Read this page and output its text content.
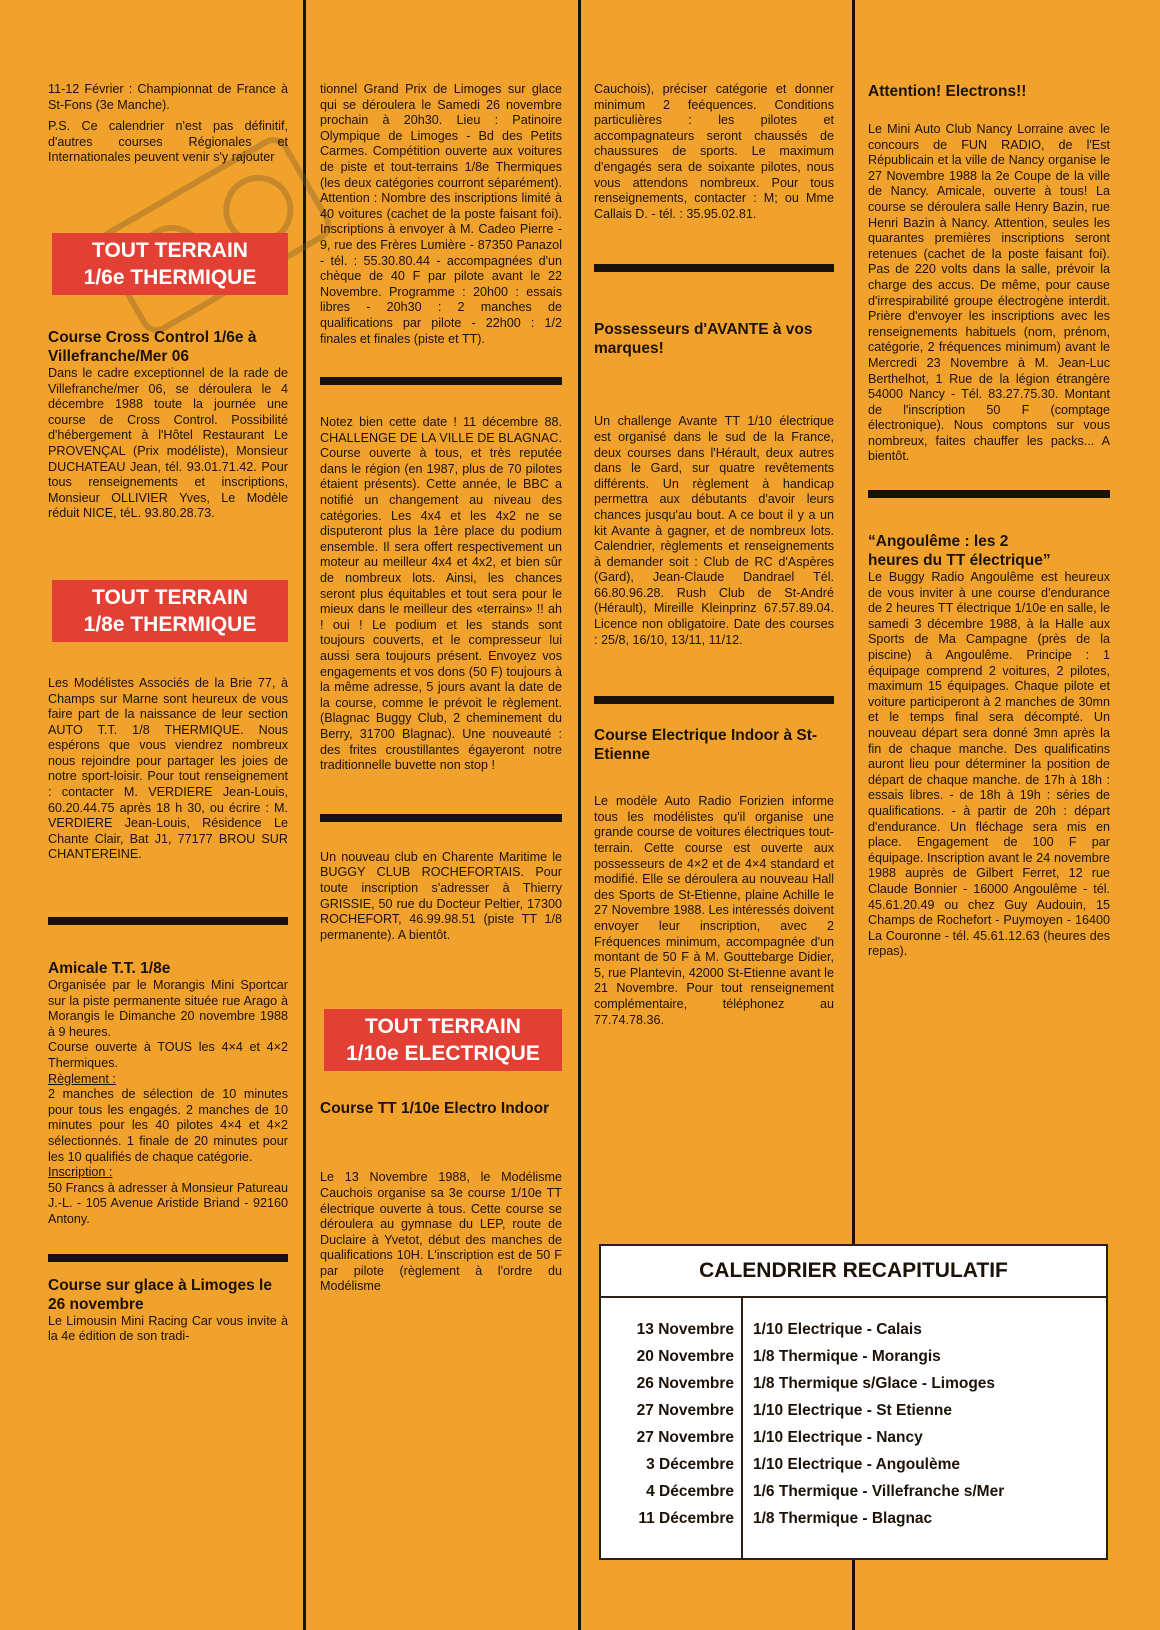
11-12 Février : Championnat de France à St-Fons (3e Manche).

P.S. Ce calendrier n'est pas définitif, d'autres courses Régionales et Internationales peuvent venir s'y rajouter

TOUT TERRAIN
1/6e THERMIQUE

Course Cross Control 1/6e à Villefranche/Mer 06

Dans le cadre exceptionnel de la rade de Villefranche/mer 06, se déroulera le 4 décembre 1988 toute la journée une course de Cross Control. Possibilité d'hébergement à l'Hôtel Restaurant Le PROVENÇAL (Prix modéliste), Monsieur DUCHATEAU Jean, tél. 93.01.71.42. Pour tous renseignements et inscriptions, Monsieur OLLIVIER Yves, Le Modèle réduit NICE, téL. 93.80.28.73.

TOUT TERRAIN
1/8e THERMIQUE

Les Modélistes Associés de la Brie 77, à Champs sur Marne sont heureux de vous faire part de la naissance de leur section AUTO T.T. 1/8 THERMIQUE. Nous espérons que vous viendrez nombreux nous rejoindre pour partager les joies de notre sport-loisir. Pour tout renseignement : contacter M. VERDIERE Jean-Louis, 60.20.44.75 après 18 h 30, ou écrire : M. VERDIERE Jean-Louis, Résidence Le Chante Clair, Bat J1, 77177 BROU SUR CHANTEREINE.

Amicale T.T. 1/8e

Organisée par le Morangis Mini Sportcar sur la piste permanente située rue Arago à Morangis le Dimanche 20 novembre 1988 à 9 heures.

Course ouverte à TOUS les 4×4 et 4×2 Thermiques.

Règlement :

2 manches de sélection de 10 minutes pour tous les engagés. 2 manches de 10 minutes pour les 40 pilotes 4×4 et 4×2 sélectionnés. 1 finale de 20 minutes pour les 10 qualifiés de chaque catégorie.

Inscription :

50 Francs à adresser à Monsieur Patureau J.-L. - 105 Avenue Aristide Briand - 92160 Antony.

Course sur glace à Limoges le 26 novembre

Le Limousin Mini Racing Car vous invite à la 4e édition de son tradi-

tionnel Grand Prix de Limoges sur glace qui se déroulera le Samedi 26 novembre prochain à 20h30. Lieu : Patinoire Olympique de Limoges - Bd des Petits Carmes. Compétition ouverte aux voitures de piste et tout-terrains 1/8e Thermiques (les deux catégories courront séparément). Attention : Nombre des inscriptions limité à 40 voitures (cachet de la poste faisant foi). Inscriptions à envoyer à M. Cadeo Pierre - 9, rue des Frères Lumière - 87350 Panazol - tél. : 55.30.80.44 - accompagnées d'un chèque de 40 F par pilote avant le 22 Novembre. Programme : 20h00 : essais libres - 20h30 : 2 manches de qualifications par pilote - 22h00 : 1/2 finales et finales (piste et TT).

Notez bien cette date ! 11 décembre 88. CHALLENGE DE LA VILLE DE BLAGNAC. Course ouverte à tous, et très reputée dans le région (en 1987, plus de 70 pilotes étaient présents). Cette année, le BBC a notifié un changement au niveau des catégories. Les 4x4 et les 4x2 ne se disputeront plus la 1ère place du podium ensemble. Il sera offert respectivement un moteur au meilleur 4x4 et 4x2, et bien sûr de nombreux lots. Ainsi, les chances seront plus équitables et tout sera pour le mieux dans le meilleur des «terrains» !! ah ! oui ! Le podium et les stands sont toujours couverts, et le compresseur lui aussi sera toujours présent. Envoyez vos engagements et vos dons (50 F) toujours à la même adresse, 5 jours avant la date de la course, comme le prévoit le règlement. (Blagnac Buggy Club, 2 cheminement du Berry, 31700 Blagnac). Une nouveauté : des frites croustillantes égayeront notre traditionnelle buvette non stop !

Un nouveau club en Charente Maritime le BUGGY CLUB ROCHEFORTAIS. Pour toute inscription s'adresser à Thierry GRISSIE, 50 rue du Docteur Peltier, 17300 ROCHEFORT, 46.99.98.51 (piste TT 1/8 permanente). A bientôt.

TOUT TERRAIN
1/10e ELECTRIQUE

Course TT 1/10e Electro Indoor

Le 13 Novembre 1988, le Modélisme Cauchois organise sa 3e course 1/10e TT électrique ouverte à tous. Cette course se déroulera au gymnase du LEP, route de Duclaire à Yvetot, début des manches de qualifications 10H. L'inscription est de 50 F par pilote (règlement à l'ordre du Modélisme

Cauchois), préciser catégorie et donner minimum 2 feéquences. Conditions particulières : les pilotes et accompagnateurs seront chaussés de chaussures de sports. Le maximum d'engagés sera de soixante pilotes, nous vous attendons nombreux. Pour tous renseignements, contacter : M; ou Mme Callais D. - tél. : 35.95.02.81.

Possesseurs d'AVANTE à vos marques!

Un challenge Avante TT 1/10 électrique est organisé dans le sud de la France, deux courses dans l'Hérault, deux autres dans le Gard, sur quatre revêtements différents. Un règlement à handicap permettra aux débutants d'avoir leurs chances jusqu'au bout. A ce bout il y a un kit Avante à gagner, et de nombreux lots. Calendrier, règlements et renseignements à demander soit : Club de RC d'Aspères (Gard), Jean-Claude Dandrael Tél. 66.80.96.28. Rush Club de St-André (Hérault), Mireille Kleinprinz 67.57.89.04. Licence non obligatoire. Date des courses : 25/8, 16/10, 13/11, 11/12.

Course Electrique Indoor à St-Etienne

Le modèle Auto Radio Forizien informe tous les modélistes qu'il organise une grande course de voitures électriques tout-terrain. Cette course est ouverte aux possesseurs de 4×2 et de 4×4 standard et modifié. Elle se déroulera au nouveau Hall des Sports de St-Etienne, plaine Achille le 27 Novembre 1988. Les intéressés doivent envoyer leur inscription, avec 2 Fréquences minimum, accompagnée d'un montant de 50 F à M. Gouttebarge Didier, 5, rue Plantevin, 42000 St-Etienne avant le 21 Novembre. Pour tout renseignement complémentaire, téléphonez au 77.74.78.36.

Attention! Electrons!!

Le Mini Auto Club Nancy Lorraine avec le concours de FUN RADIO, de l'Est Républicain et la ville de Nancy organise le 27 Novembre 1988 la 2e Coupe de la ville de Nancy. Amicale, ouverte à tous! La course se déroulera salle Henry Bazin, rue Henri Bazin à Nancy. Attention, seules les quarantes premières inscriptions seront retenues (cachet de la poste faisant foi). Pas de 220 volts dans la salle, prévoir la charge des accus. De même, pour cause d'irrespirabilité groupe électrogène interdit. Prière d'envoyer les inscriptions avec les renseignements habituels (nom, prénom, catégorie, 2 fréquences minimum) avant le Mercredi 23 Novembre à M. Jean-Luc Berthelhot, 1 Rue de la légion étrangère 54000 Nancy - Tél. 83.27.75.30. Montant de l'inscription 50 F (comptage électronique). Nous comptons sur vous nombreux, faites chauffer les packs... A bientôt.

“Angoulême : les 2 heures du TT électrique”

Le Buggy Radio Angoulême est heureux de vous inviter à une course d'endurance de 2 heures TT électrique 1/10e en salle, le samedi 3 décembre 1988, à la Halle aux Sports de Ma Campagne (près de la piscine) à Angoulême. Principe : 1 équipage comprend 2 voitures, 2 pilotes, maximum 15 équipages. Chaque pilote et voiture participeront à 2 manches de 30mn et le temps final sera décompté. Un nouveau départ sera donné 3mn après la fin de chaque manche. Des qualificatins auront lieu pour déterminer la position de départ de chaque manche. de 17h à 18h : essais libres. - de 18h à 19h : séries de qualifications. - à partir de 20h : départ d'endurance. Un fléchage sera mis en place. Engagement de 100 F par équipage. Inscription avant le 24 novembre 1988 auprès de Gilbert Ferret, 12 rue Claude Bonnier - 16000 Angoulême - tél. 45.61.20.49 ou chez Guy Audouin, 15 Champs de Rochefort - Puymoyen - 16400 La Couronne - tél. 45.61.12.63 (heures des repas).

CALENDRIER RECAPITULATIF
13 Novembre 1/10 Electrique - Calais
20 Novembre 1/8 Thermique - Morangis
26 Novembre 1/8 Thermique s/Glace - Limoges
27 Novembre 1/10 Electrique - St Etienne
27 Novembre 1/10 Electrique - Nancy
3 Décembre 1/10 Electrique - Angoulème
4 Décembre 1/6 Thermique - Villefranche s/Mer
11 Décembre 1/8 Thermique - Blagnac
